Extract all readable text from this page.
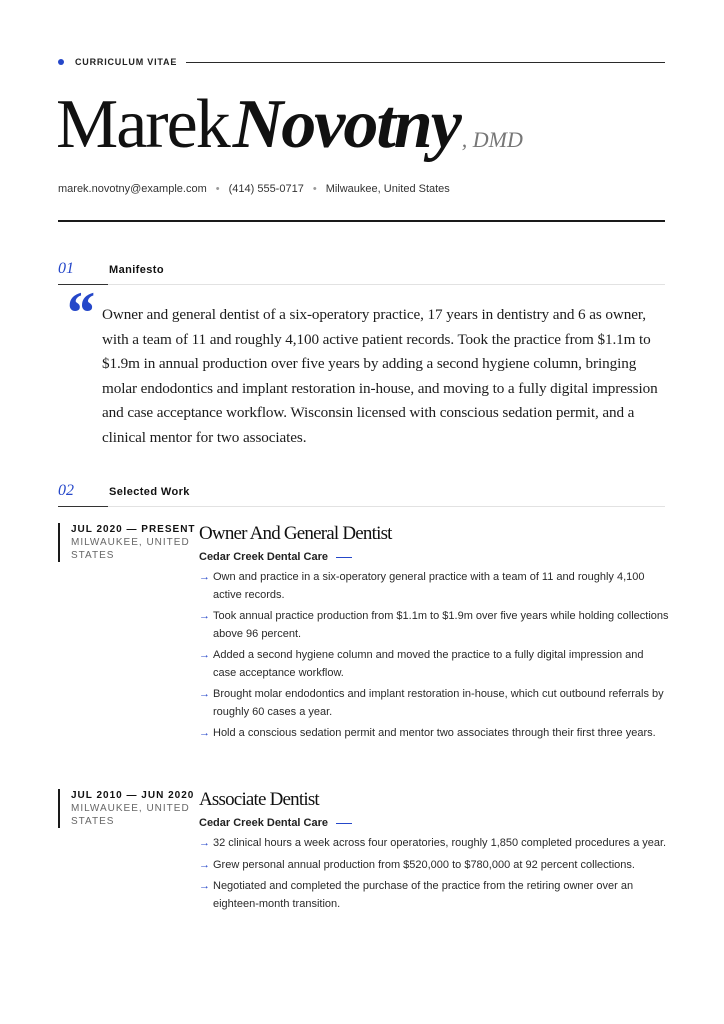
CURRICULUM VITAE
Marek Novotny, DMD
marek.novotny@example.com • (414) 555-0717 • Milwaukee, United States
01	Manifesto
“ Owner and general dentist of a six-operatory practice, 17 years in dentistry and 6 as owner, with a team of 11 and roughly 4,100 active patient records. Took the practice from $1.1m to $1.9m in annual production over five years by adding a second hygiene column, bringing molar endodontics and implant restoration in-house, and moving to a fully digital impression and case acceptance workflow. Wisconsin licensed with conscious sedation permit, and a clinical mentor for two associates.
02	Selected Work
JUL 2020 — PRESENT
MILWAUKEE, UNITED STATES
Owner And General Dentist
Cedar Creek Dental Care
→ Own and practice in a six-operatory general practice with a team of 11 and roughly 4,100 active records.
→ Took annual practice production from $1.1m to $1.9m over five years while holding collections above 96 percent.
→ Added a second hygiene column and moved the practice to a fully digital impression and case acceptance workflow.
→ Brought molar endodontics and implant restoration in-house, which cut outbound referrals by roughly 60 cases a year.
→ Hold a conscious sedation permit and mentor two associates through their first three years.
JUL 2010 — JUN 2020
MILWAUKEE, UNITED STATES
Associate Dentist
Cedar Creek Dental Care
→ 32 clinical hours a week across four operatories, roughly 1,850 completed procedures a year.
→ Grew personal annual production from $520,000 to $780,000 at 92 percent collections.
→ Negotiated and completed the purchase of the practice from the retiring owner over an eighteen-month transition.
